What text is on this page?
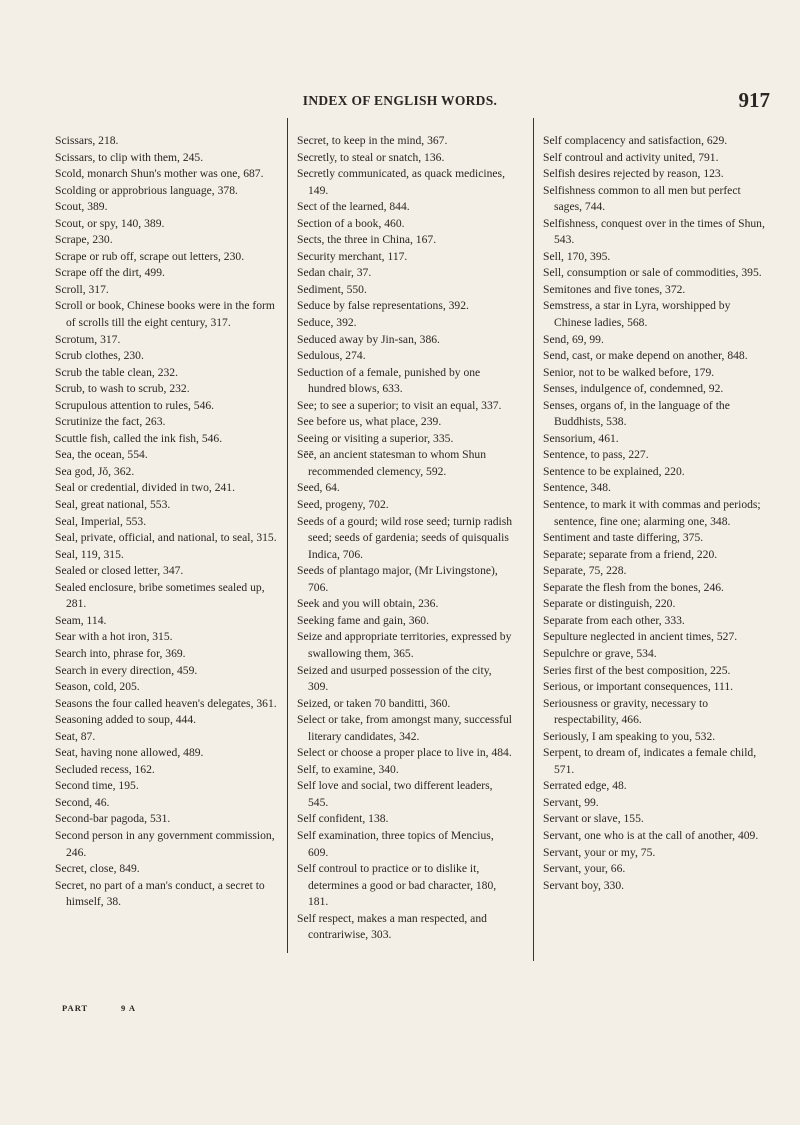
INDEX OF ENGLISH WORDS.	917
Scissars, 218.
Scissars, to clip with them, 245.
Scold, monarch Shun's mother was one, 687.
Scolding or approbrious language, 378.
Scout, 389.
Scout, or spy, 140, 389.
Scrape, 230.
Scrape or rub off, scrape out letters, 230.
Scrape off the dirt, 499.
Scroll, 317.
Scroll or book, Chinese books were in the form of scrolls till the eight century, 317.
Scrotum, 317.
Scrub clothes, 230.
Scrub the table clean, 232.
Scrub, to wash to scrub, 232.
Scrupulous attention to rules, 546.
Scrutinize the fact, 263.
Scuttle fish, called the ink fish, 546.
Sea, the ocean, 554.
Sea god, Jŏ, 362.
Seal or credential, divided in two, 241.
Seal, great national, 553.
Seal, Imperial, 553.
Seal, private, official, and national, to seal, 315.
Seal, 119, 315.
Sealed or closed letter, 347.
Sealed enclosure, bribe sometimes sealed up, 281.
Seam, 114.
Sear with a hot iron, 315.
Search into, phrase for, 369.
Search in every direction, 459.
Season, cold, 205.
Seasons the four called heaven's delegates, 361.
Seasoning added to soup, 444.
Seat, 87.
Seat, having none allowed, 489.
Secluded recess, 162.
Second time, 195.
Second, 46.
Second-bar pagoda, 531.
Second person in any government commission, 246.
Secret, close, 849.
Secret, no part of a man's conduct, a secret to himself, 38.
Secret, to keep in the mind, 367.
Secretly, to steal or snatch, 136.
Secretly communicated, as quack medicines, 149.
Sect of the learned, 844.
Section of a book, 460.
Sects, the three in China, 167.
Security merchant, 117.
Sedan chair, 37.
Sediment, 550.
Seduce by false representations, 392.
Seduce, 392.
Seduced away by Jin-san, 386.
Sedulous, 274.
Seduction of a female, punished by one hundred blows, 633.
See; to see a superior; to visit an equal, 337.
See before us, what place, 239.
Seeing or visiting a superior, 335.
Sēē, an ancient statesman to whom Shun recommended clemency, 592.
Seed, 64.
Seed, progeny, 702.
Seeds of a gourd; wild rose seed; turnip radish seed; seeds of gardenia; seeds of quisqualis Indica, 706.
Seeds of plantago major, (Mr Livingstone), 706.
Seek and you will obtain, 236.
Seeking fame and gain, 360.
Seize and appropriate territories, expressed by swallowing them, 365.
Seized and usurped possession of the city, 309.
Seized, or taken 70 banditti, 360.
Select or take, from amongst many, successful literary candidates, 342.
Select or choose a proper place to live in, 484.
Self, to examine, 340.
Self love and social, two different leaders, 545.
Self confident, 138.
Self examination, three topics of Mencius, 609.
Self controul to practice or to dislike it, determines a good or bad character, 180, 181.
Self respect, makes a man respected, and contrariwise, 303.
Self complacency and satisfaction, 629.
Self controul and activity united, 791.
Selfish desires rejected by reason, 123.
Selfishness common to all men but perfect sages, 744.
Selfishness, conquest over in the times of Shun, 543.
Sell, 170, 395.
Sell, consumption or sale of commodities, 395.
Semitones and five tones, 372.
Semstress, a star in Lyra, worshipped by Chinese ladies, 568.
Send, 69, 99.
Send, cast, or make depend on another, 848.
Senior, not to be walked before, 179.
Senses, indulgence of, condemned, 92.
Senses, organs of, in the language of the Buddhists, 538.
Sensorium, 461.
Sentence, to pass, 227.
Sentence to be explained, 220.
Sentence, 348.
Sentence, to mark it with commas and periods; sentence, fine one; alarming one, 348.
Sentiment and taste differing, 375.
Separate; separate from a friend, 220.
Separate, 75, 228.
Separate the flesh from the bones, 246.
Separate or distinguish, 220.
Separate from each other, 333.
Sepulture neglected in ancient times, 527.
Sepulchre or grave, 534.
Series first of the best composition, 225.
Serious, or important consequences, 111.
Seriousness or gravity, necessary to respectability, 466.
Seriously, I am speaking to you, 532.
Serpent, to dream of, indicates a female child, 571.
Serrated edge, 48.
Servant, 99.
Servant or slave, 155.
Servant, one who is at the call of another, 409.
Servant, your or my, 75.
Servant, your, 66.
Servant boy, 330.
PART	9 A
